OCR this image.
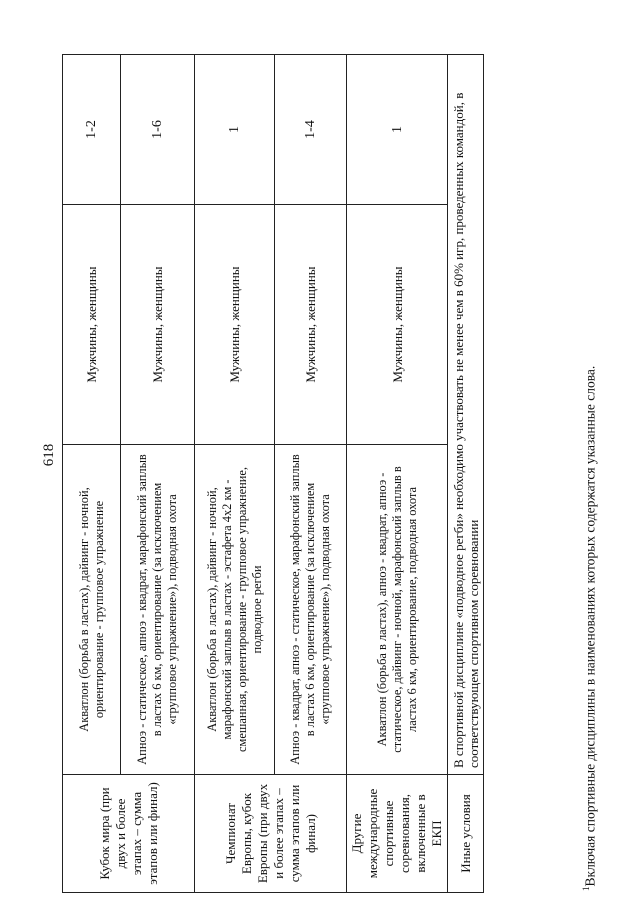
618
Кубок мира (при двух и более этапах – сумма этапов или финал)	Акватлон (борьба в ластах), дайвинг - ночной, ориентирование - групповое упражнение	Мужчины, женщины	1-2
	Апноэ - статическое, апноэ - квадрат, марафонский заплыв в ластах 6 км, ориентирование (за исключением «групповое упражнение»), подводная охота	Мужчины, женщины	1-6
Чемпионат Европы, кубок Европы (при двух и более этапах – сумма этапов или финал)	Акватлон (борьба в ластах), дайвинг - ночной, марафонский заплыв в ластах - эстафета 4x2 км - смешанная, ориентирование - групповое упражнение, подводное регби	Мужчины, женщины	1
	Апноэ - квадрат, апноэ - статическое, марафонский заплыв в ластах 6 км, ориентирование (за исключением «групповое упражнение»), подводная охота	Мужчины, женщины	1-4
Другие международные спортивные соревнования, включенные в ЕКП	Акватлон (борьба в ластах), апноэ - квадрат, апноэ - статическое, дайвинг - ночной, марафонский заплыв в ластах 6 км, ориентирование, подводная охота	Мужчины, женщины	1
Иные условия	В спортивной дисциплине «подводное регби» необходимо участвовать не менее чем в 60% игр, проведенных командой, в соответствующем спортивном соревновании		
$^1$Включая спортивные дисциплины в наименованиях которых содержатся указанные слова.
